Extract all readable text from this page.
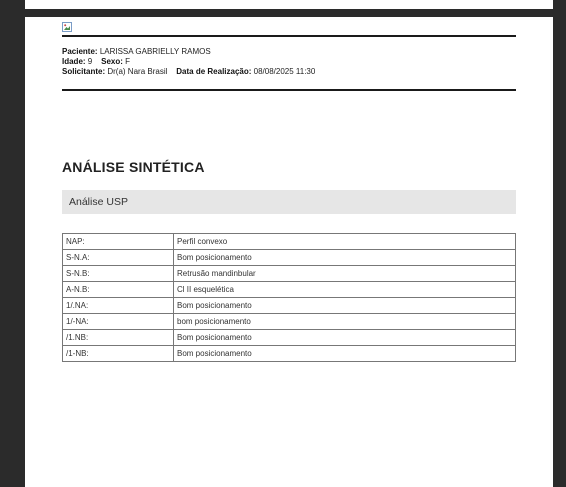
Paciente: LARISSA GABRIELLY RAMOS
Idade: 9 Sexo: F
Solicitante: Dr(a) Nara Brasil Data de Realização: 08/08/2025 11:30
ANÁLISE SINTÉTICA
Análise USP
NAP:	Perfil convexo
S-N.A:	Bom posicionamento
S-N.B:	Retrusão mandinbular
A-N.B:	Cl II esquelética
1/.NA:	Bom posicionamento
1/-NA:	bom posicionamento
/1.NB:	Bom posicionamento
/1-NB:	Bom posicionamento
